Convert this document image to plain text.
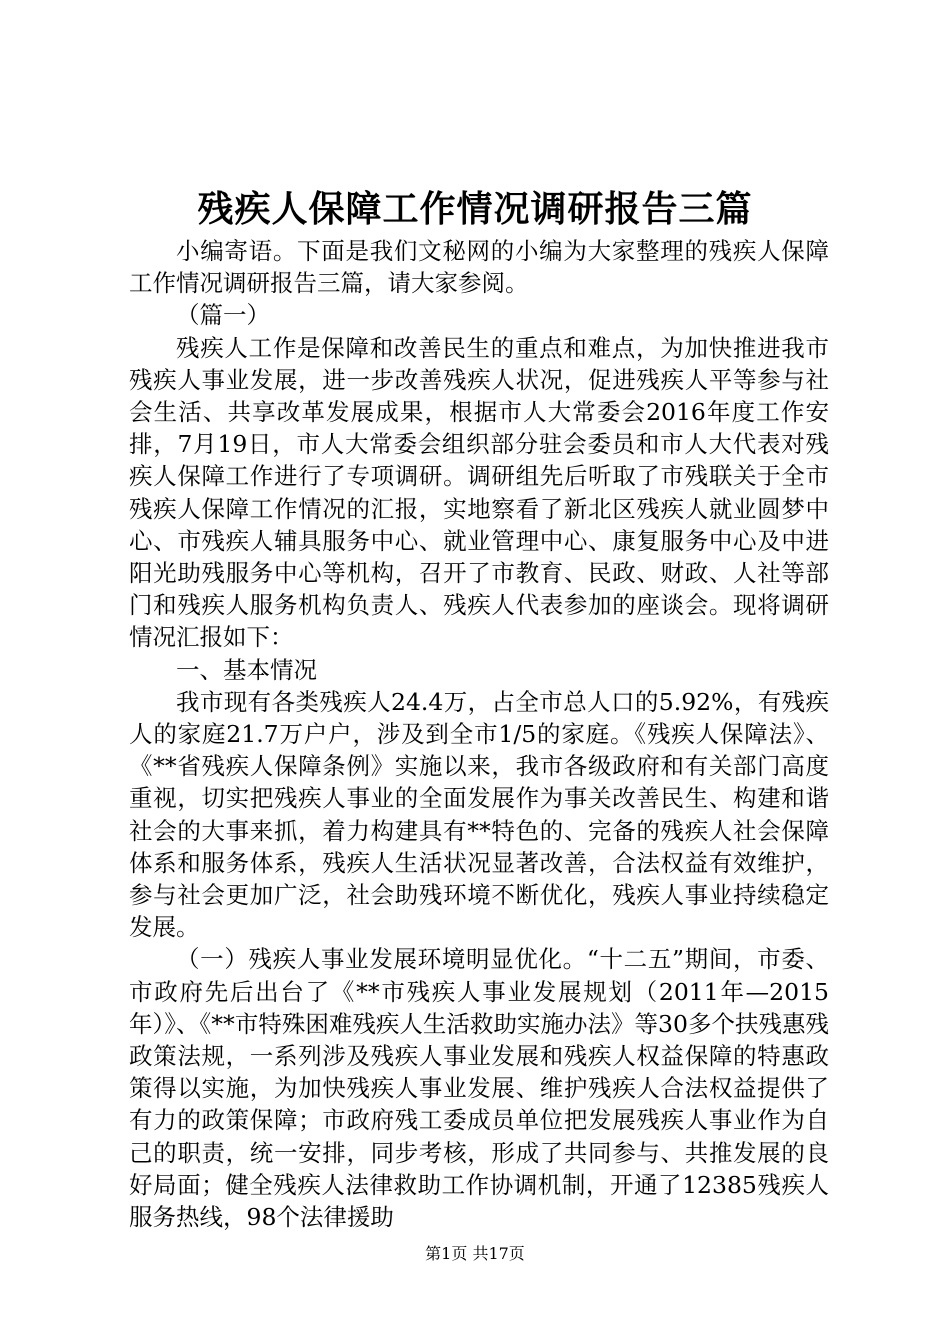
残疾人保障工作情况调研报告三篇

小编寄语。下面是我们文秘网的小编为大家整理的残疾人保障工作情况调研报告三篇，请大家参阅。

（篇一）

残疾人工作是保障和改善民生的重点和难点，为加快推进我市残疾人事业发展，进一步改善残疾人状况，促进残疾人平等参与社会生活、共享改革发展成果，根据市人大常委会2016年度工作安排，7月19日，市人大常委会组织部分驻会委员和市人大代表对残疾人保障工作进行了专项调研。调研组先后听取了市残联关于全市残疾人保障工作情况的汇报，实地察看了新北区残疾人就业圆梦中心、市残疾人辅具服务中心、就业管理中心、康复服务中心及中进阳光助残服务中心等机构，召开了市教育、民政、财政、人社等部门和残疾人服务机构负责人、残疾人代表参加的座谈会。现将调研情况汇报如下：

一、基本情况

我市现有各类残疾人24.4万，占全市总人口的5.92%，有残疾人的家庭21.7万户户，涉及到全市1/5的家庭。《残疾人保障法》、《**省残疾人保障条例》实施以来，我市各级政府和有关部门高度重视，切实把残疾人事业的全面发展作为事关改善民生、构建和谐社会的大事来抓，着力构建具有**特色的、完备的残疾人社会保障体系和服务体系，残疾人生活状况显著改善，合法权益有效维护，参与社会更加广泛，社会助残环境不断优化，残疾人事业持续稳定发展。

（一）残疾人事业发展环境明显优化。“十二五”期间，市委、市政府先后出台了《**市残疾人事业发展规划（2011年—2015年）》、《**市特殊困难残疾人生活救助实施办法》等30多个扶残惠残政策法规，一系列涉及残疾人事业发展和残疾人权益保障的特惠政策得以实施，为加快残疾人事业发展、维护残疾人合法权益提供了有力的政策保障；市政府残工委成员单位把发展残疾人事业作为自己的职责，统一安排，同步考核，形成了共同参与、共推发展的良好局面；健全残疾人法律救助工作协调机制，开通了12385残疾人服务热线，98个法律援助

第1页 共17页
